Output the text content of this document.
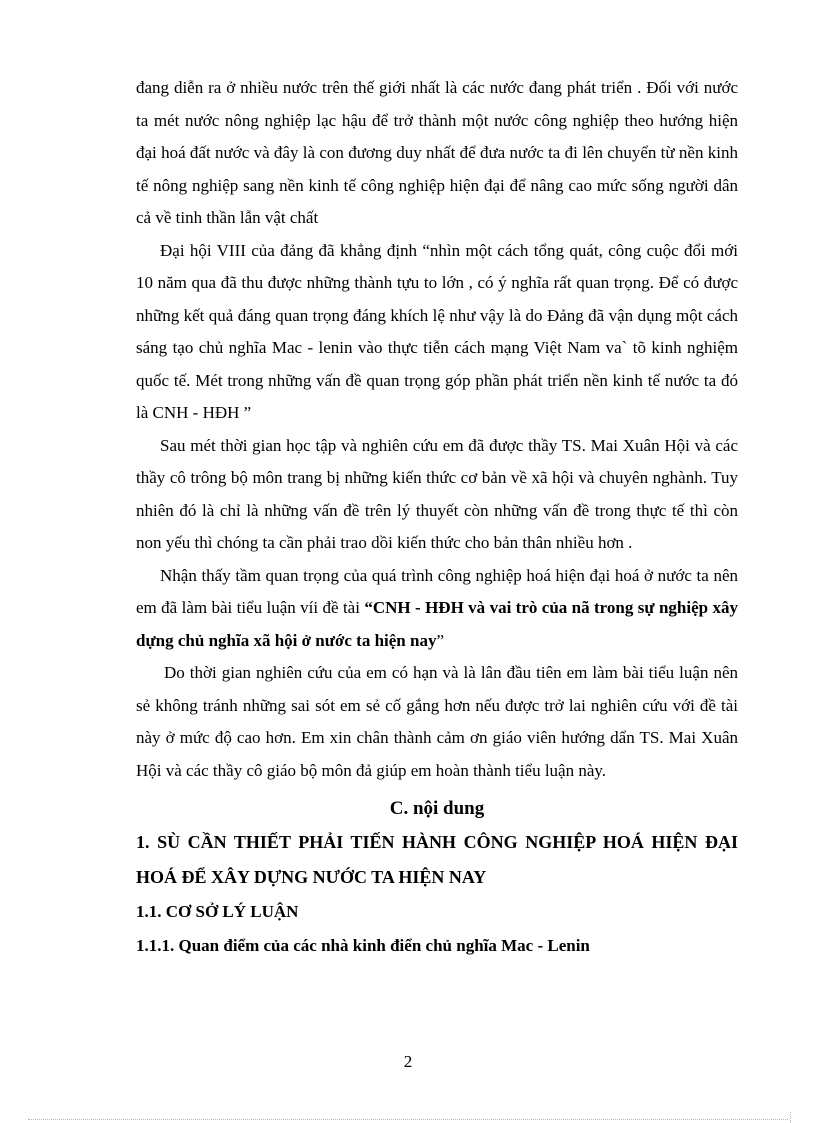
đang diễn ra ở nhiều nước trên thế giới nhất là các nước đang phát triển . Đối với nước ta mét nước nông nghiệp lạc hậu để trở thành một nước công nghiệp theo hướng hiện đại hoá đất nước và đây là con đương duy nhất để đưa nước ta đi lên chuyển từ nền kinh tế nông nghiệp sang nền kinh tế công nghiệp hiện đại để nâng cao mức sống người dân cả về tinh thần lẫn vật chất

Đại hội VIII của đảng đã khẳng định “nhìn một cách tổng quát, công cuộc đổi mới 10 năm qua đã thu được những thành tựu to lớn , có ý nghĩa rất quan trọng. Để có được những kết quả đáng quan trọng đáng khích lệ như vậy là do Đảng đã vận dụng một cách sáng tạo chủ nghĩa Mac - lenin vào thực tiễn cách mạng Việt Nam va` tõ kinh nghiệm quốc tế. Mét trong những vấn đề quan trọng góp phần phát triển nền kinh tế nước ta đó là CNH - HĐH ”

Sau mét thời gian học tập và nghiên cứu em đã được thầy TS. Mai Xuân Hội và các thầy cô trông bộ môn trang bị những kiến thức cơ bản về xã hội và chuyên nghành. Tuy nhiên đó là chỉ là những vấn đề trên lý thuyết còn những vấn đề trong thực tế thì còn non yếu thì chóng ta cần phải trao dồi kiến thức cho bản thân nhiều hơn .

Nhận thấy tầm quan trọng của quá trình công nghiệp hoá hiện đại hoá ở nước ta nên em đã làm bài tiểu luận víi đề tài “CNH - HĐH và vai trò của nã trong sự nghiệp xây dựng chủ nghĩa xã hội ở nước ta hiện nay”

Do thời gian nghiên cứu của em có hạn và là lân đầu tiên em làm bài tiểu luận nên sẻ không tránh những sai sót em sẻ cố gắng hơn nếu được trở lai nghiên cứu với đề tài này ở mức độ cao hơn. Em xin chân thành cảm ơn giáo viên hướng dẩn TS. Mai Xuân Hội và các thầy cô giáo bộ môn đả giúp em hoàn thành tiểu luận này.

C. nội dung
1. SÙ CẦN THIẾT PHẢI TIẾN HÀNH CÔNG NGHIỆP HOÁ HIỆN ĐẠI HOÁ ĐỂ XÂY DỰNG NƯỚC TA HIỆN NAY
1.1. CƠ SỞ LÝ LUẬN
1.1.1. Quan điểm của các nhà kinh điển chủ nghĩa Mac - Lenin
2
